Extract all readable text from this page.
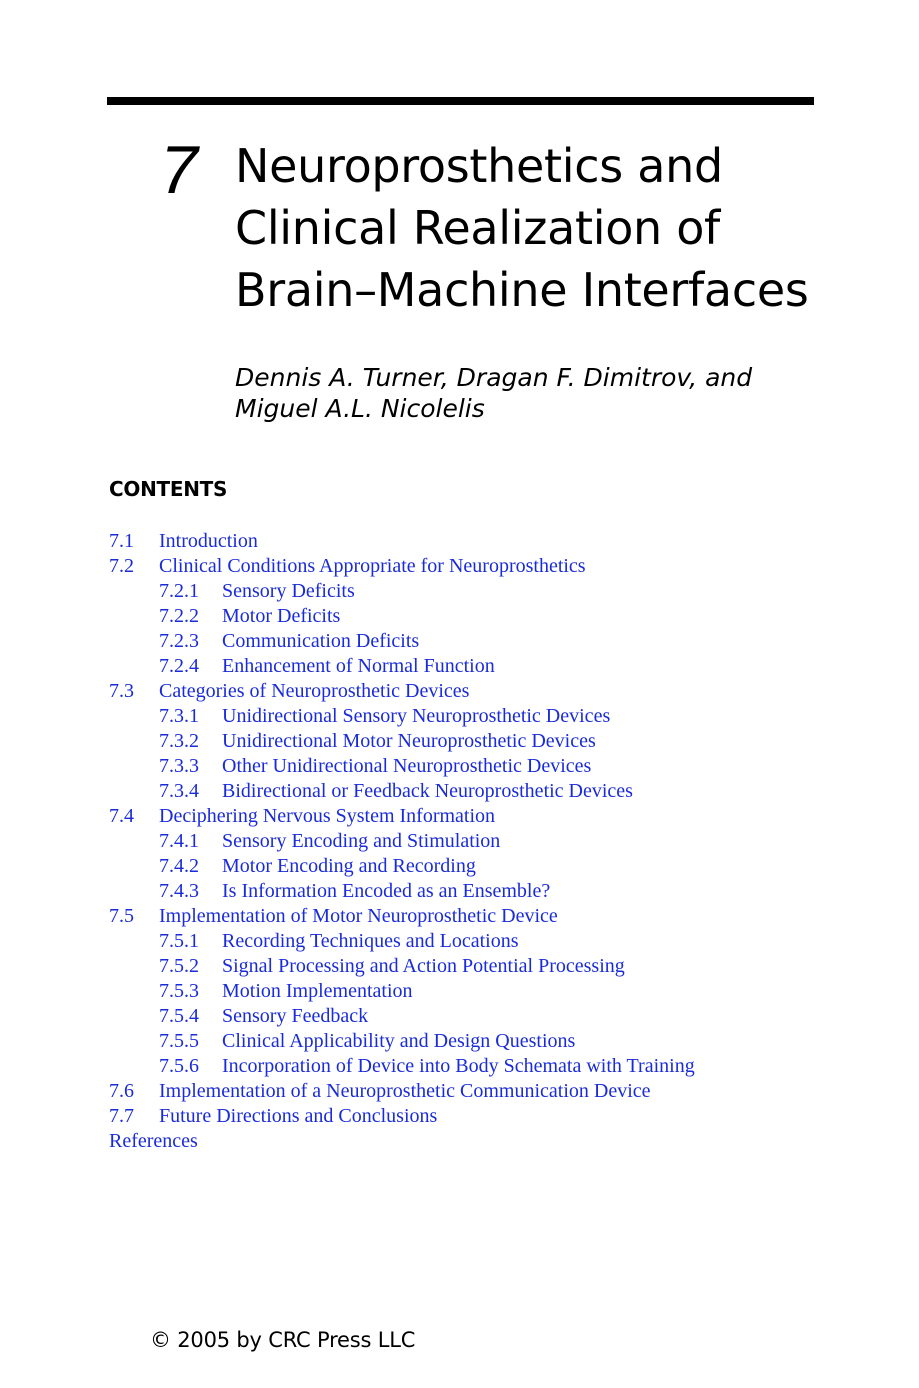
7 Neuroprosthetics and
Clinical Realization of
Brain–Machine Interfaces
Dennis A. Turner, Dragan F. Dimitrov, and
Miguel A.L. Nicolelis
CONTENTS
7.1 Introduction
7.2 Clinical Conditions Appropriate for Neuroprosthetics
7.2.1 Sensory Deficits
7.2.2 Motor Deficits
7.2.3 Communication Deficits
7.2.4 Enhancement of Normal Function
7.3 Categories of Neuroprosthetic Devices
7.3.1 Unidirectional Sensory Neuroprosthetic Devices
7.3.2 Unidirectional Motor Neuroprosthetic Devices
7.3.3 Other Unidirectional Neuroprosthetic Devices
7.3.4 Bidirectional or Feedback Neuroprosthetic Devices
7.4 Deciphering Nervous System Information
7.4.1 Sensory Encoding and Stimulation
7.4.2 Motor Encoding and Recording
7.4.3 Is Information Encoded as an Ensemble?
7.5 Implementation of Motor Neuroprosthetic Device
7.5.1 Recording Techniques and Locations
7.5.2 Signal Processing and Action Potential Processing
7.5.3 Motion Implementation
7.5.4 Sensory Feedback
7.5.5 Clinical Applicability and Design Questions
7.5.6 Incorporation of Device into Body Schemata with Training
7.6 Implementation of a Neuroprosthetic Communication Device
7.7 Future Directions and Conclusions
References
© 2005 by CRC Press LLC
